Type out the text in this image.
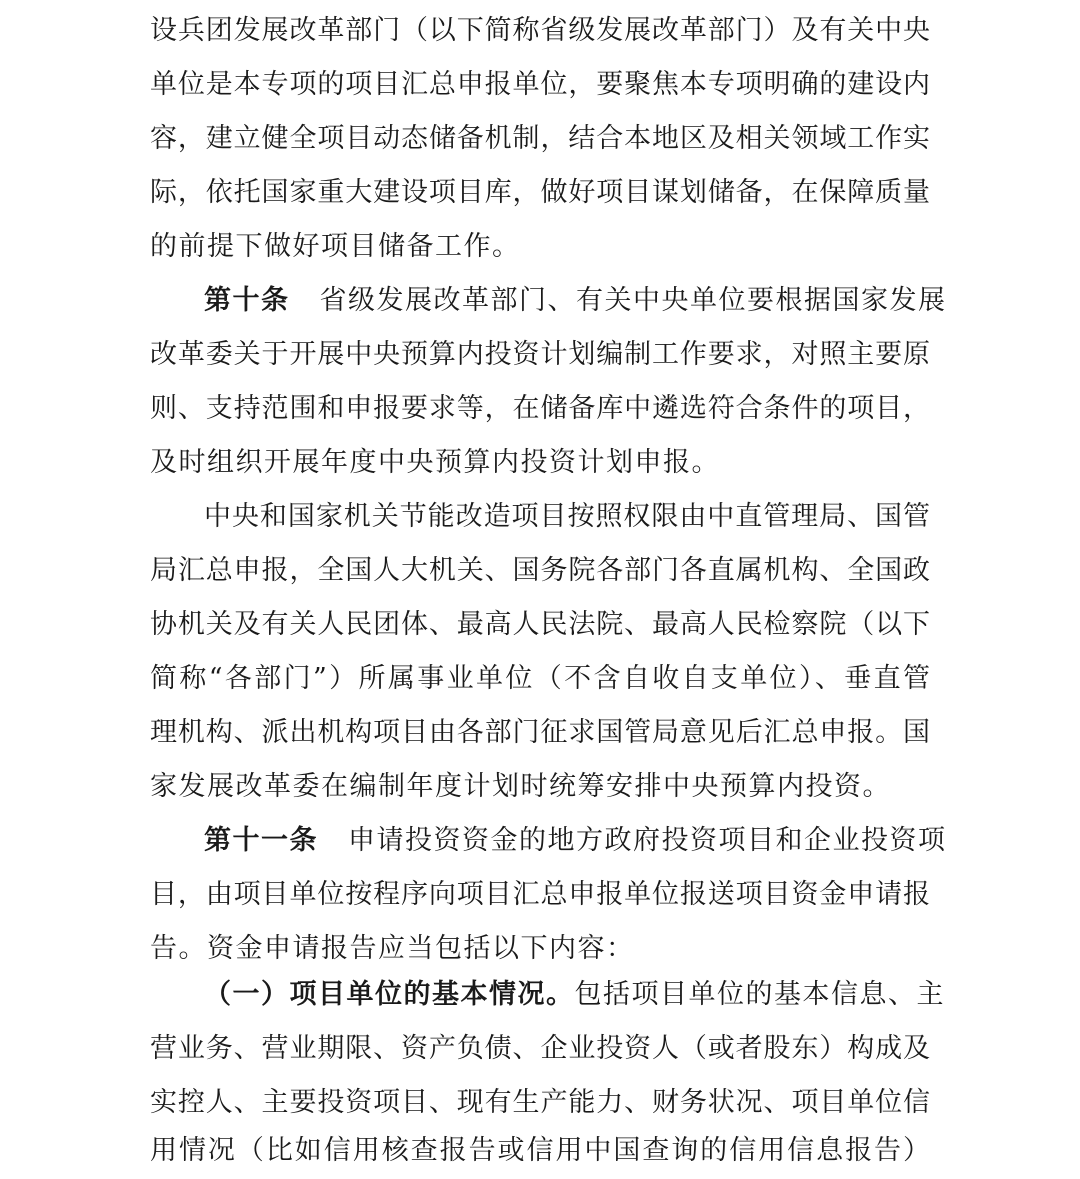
设兵团发展改革部门（以下简称省级发展改革部门）及有关中央
单位是本专项的项目汇总申报单位，要聚焦本专项明确的建设内
容，建立健全项目动态储备机制，结合本地区及相关领域工作实
际，依托国家重大建设项目库，做好项目谋划储备，在保障质量
的前提下做好项目储备工作。
第十条 省级发展改革部门、有关中央单位要根据国家发展
改革委关于开展中央预算内投资计划编制工作要求，对照主要原
则、支持范围和申报要求等，在储备库中遴选符合条件的项目，
及时组织开展年度中央预算内投资计划申报。
中央和国家机关节能改造项目按照权限由中直管理局、国管
局汇总申报，全国人大机关、国务院各部门各直属机构、全国政
协机关及有关人民团体、最高人民法院、最高人民检察院（以下
简称“各部门”）所属事业单位（不含自收自支单位）、垂直管
理机构、派出机构项目由各部门征求国管局意见后汇总申报。国
家发展改革委在编制年度计划时统筹安排中央预算内投资。
第十一条 申请投资资金的地方政府投资项目和企业投资项
目，由项目单位按程序向项目汇总申报单位报送项目资金申请报
告。资金申请报告应当包括以下内容：
（一）项目单位的基本情况。包括项目单位的基本信息、主
营业务、营业期限、资产负债、企业投资人（或者股东）构成及
实控人、主要投资项目、现有生产能力、财务状况、项目单位信
用情况（比如信用核查报告或信用中国查询的信用信息报告）
